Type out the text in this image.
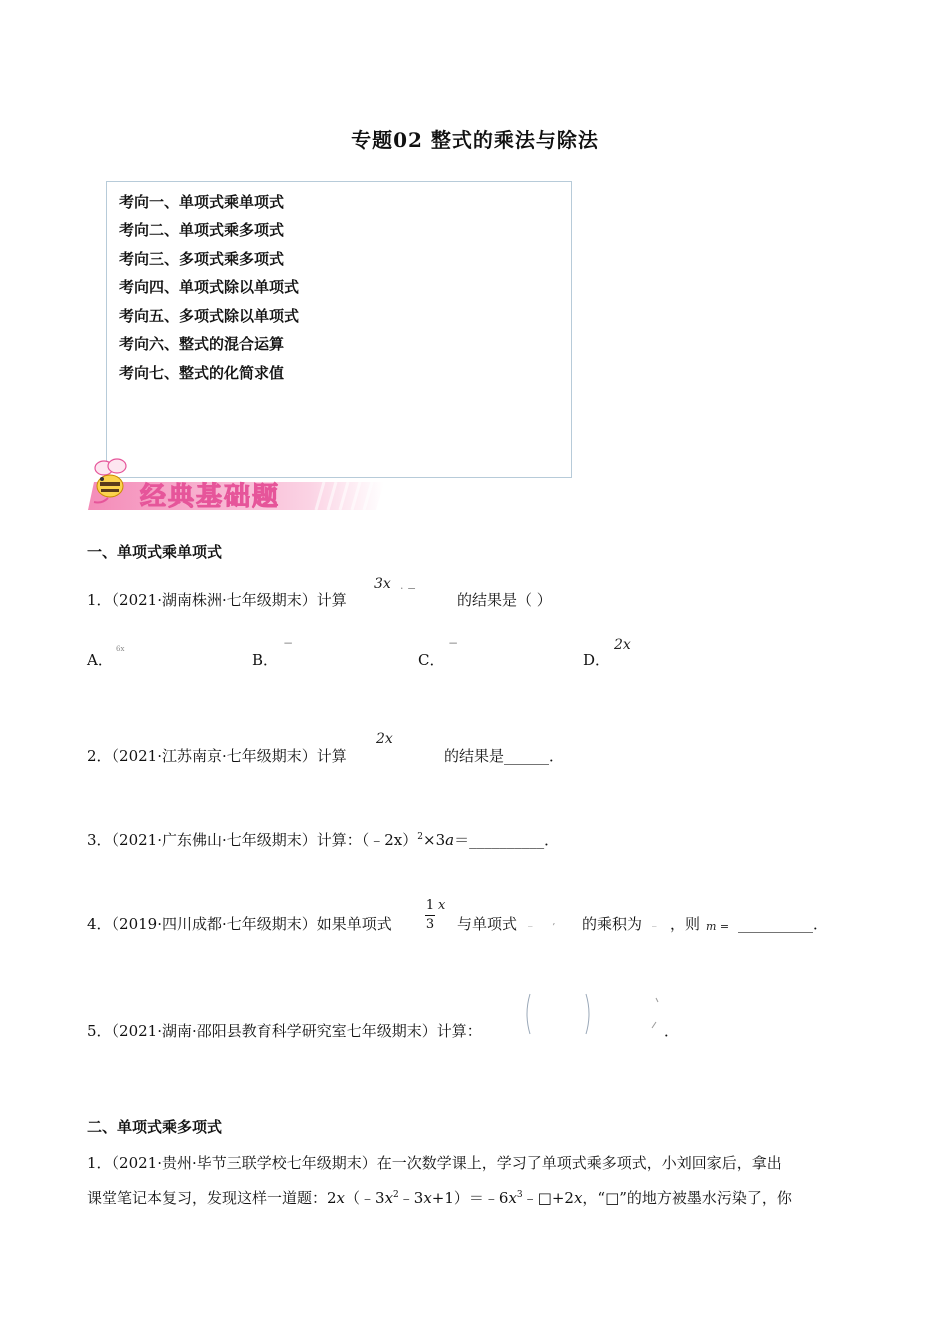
专题02 整式的乘法与除法
考向一、单项式乘单项式
考向二、单项式乘多项式
考向三、多项式乘多项式
考向四、单项式除以单项式
考向五、多项式除以单项式
考向六、整式的混合运算
考向七、整式的化简求值
经典基础题
一、单项式乘单项式
1．（2021·湖南株洲·七年级期末）计算
3x · −
的结果是（ ）
A．
6x
B．
−
C．
−
D．
2x
2．（2021·江苏南京·七年级期末）计算
2x
的结果是______．
3．（2021·广东佛山·七年级期末）计算：（﹣2x）$^2$×3a＝__________．
4．（2019·四川成都·七年级期末）如果单项式	$\frac{1}{3}$ x
与单项式 _       , 的乘积为 _ ，则 m = __________．
5．（2021·湖南·邵阳县教育科学研究室七年级期末）计算：	．
二、单项式乘多项式
1．（2021·贵州·毕节三联学校七年级期末）在一次数学课上，学习了单项式乘多项式，小刘回家后，拿出
课堂笔记本复习，发现这样一道题：$2x(﹣3x^2﹣3x+1)=﹣6x^3﹣□+2x$，“□”的地方被墨水污染了，你
